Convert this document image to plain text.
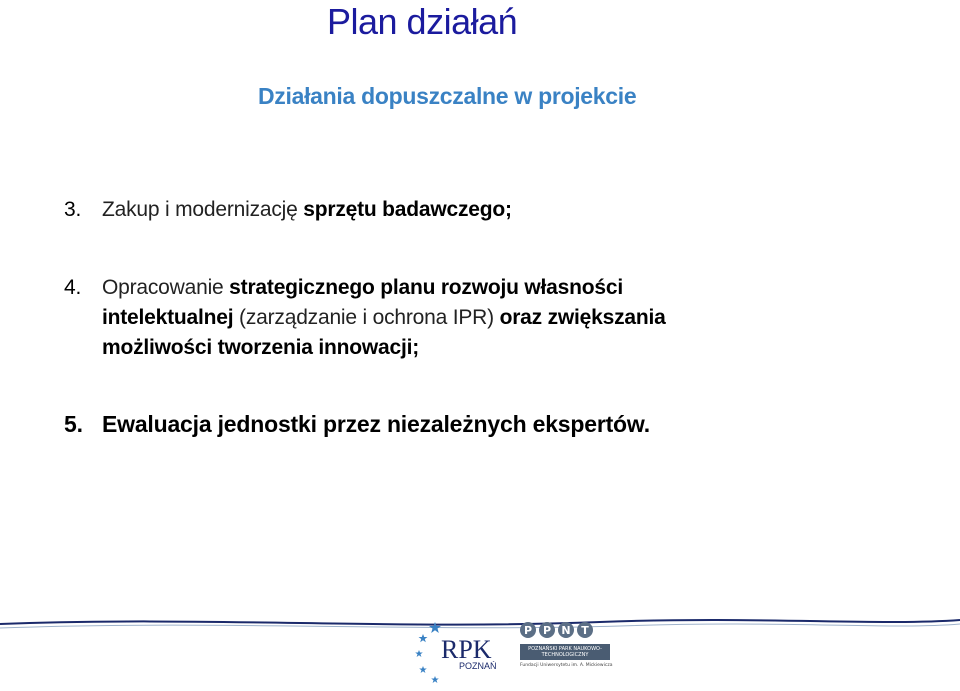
Plan działań
Działania dopuszczalne w projekcie
3. Zakup i modernizację sprzętu badawczego;
4. Opracowanie strategicznego planu rozwoju własności
intelektualnej (zarządzanie i ochrona IPR) oraz zwiększania
możliwości tworzenia innowacji;
5. Ewaluacja jednostki przez niezależnych ekspertów.
RPK
POZNAŃ
P P N T
POZNAŃSKI PARK NAUKOWO-TECHNOLOGICZNY
Fundacji Uniwersytetu im. A. Mickiewicza
